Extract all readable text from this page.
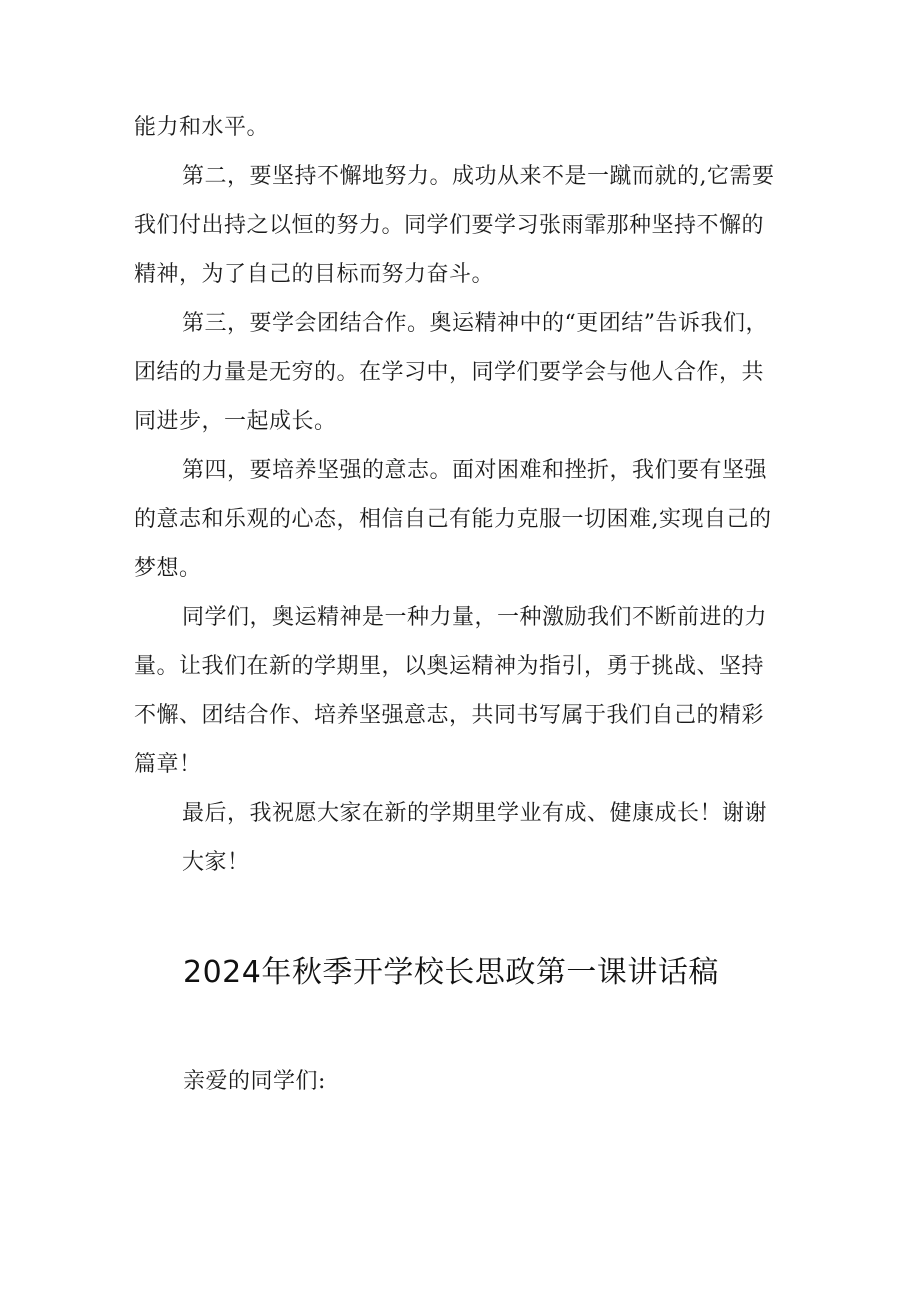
能力和水平。

第二，要坚持不懈地努力。成功从来不是一蹴而就的,它需要
我们付出持之以恒的努力。同学们要学习张雨霏那种坚持不懈的
精神，为了自己的目标而努力奋斗。

第三，要学会团结合作。奥运精神中的“更团结”告诉我们，
团结的力量是无穷的。在学习中，同学们要学会与他人合作，共
同进步，一起成长。

第四，要培养坚强的意志。面对困难和挫折，我们要有坚强
的意志和乐观的心态，相信自己有能力克服一切困难,实现自己的
梦想。

同学们，奥运精神是一种力量，一种激励我们不断前进的力
量。让我们在新的学期里，以奥运精神为指引，勇于挑战、坚持
不懈、团结合作、培养坚强意志，共同书写属于我们自己的精彩
篇章！

最后，我祝愿大家在新的学期里学业有成、健康成长！谢谢
大家！

2024年秋季开学校长思政第一课讲话稿
亲爱的同学们:
